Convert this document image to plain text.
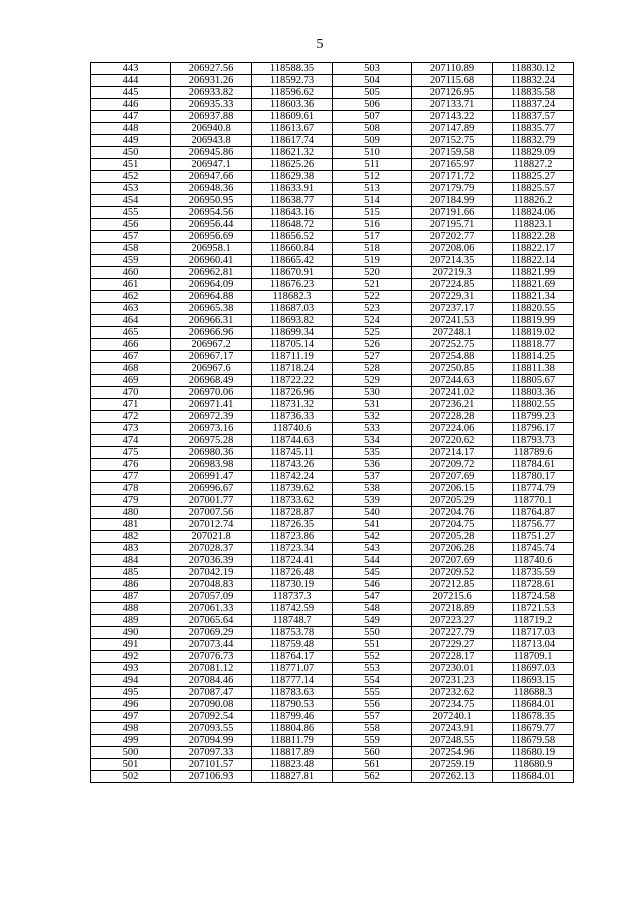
5
443	206927.56	118588.35	503	207110.89	118830.12
444	206931.26	118592.73	504	207115.68	118832.24
445	206933.82	118596.62	505	207126.95	118835.58
446	206935.33	118603.36	506	207133.71	118837.24
447	206937.88	118609.61	507	207143.22	118837.57
448	206940.8	118613.67	508	207147.89	118835.77
449	206943.8	118617.74	509	207152.75	118832.79
450	206945.86	118621.32	510	207159.58	118829.09
451	206947.1	118625.26	511	207165.97	118827.2
452	206947.66	118629.38	512	207171.72	118825.27
453	206948.36	118633.91	513	207179.79	118825.57
454	206950.95	118638.77	514	207184.99	118826.2
455	206954.56	118643.16	515	207191.66	118824.06
456	206956.44	118648.72	516	207195.71	118823.1
457	206956.69	118656.52	517	207202.77	118822.28
458	206958.1	118660.84	518	207208.06	118822.17
459	206960.41	118665.42	519	207214.35	118822.14
460	206962.81	118670.91	520	207219.3	118821.99
461	206964.09	118676.23	521	207224.85	118821.69
462	206964.88	118682.3	522	207229.31	118821.34
463	206965.38	118687.03	523	207237.17	118820.55
464	206966.31	118693.82	524	207241.53	118819.99
465	206966.96	118699.34	525	207248.1	118819.02
466	206967.2	118705.14	526	207252.75	118818.77
467	206967.17	118711.19	527	207254.88	118814.25
468	206967.6	118718.24	528	207250.85	118811.38
469	206968.49	118722.22	529	207244.63	118805.67
470	206970.06	118726.96	530	207241.02	118803.36
471	206971.41	118731.32	531	207236.21	118802.55
472	206972.39	118736.33	532	207228.28	118799.23
473	206973.16	118740.6	533	207224.06	118796.17
474	206975.28	118744.63	534	207220.62	118793.73
475	206980.36	118745.11	535	207214.17	118789.6
476	206983.98	118743.26	536	207209.72	118784.61
477	206991.47	118742.24	537	207207.69	118780.17
478	206996.67	118739.62	538	207206.15	118774.79
479	207001.77	118733.62	539	207205.29	118770.1
480	207007.56	118728.87	540	207204.76	118764.87
481	207012.74	118726.35	541	207204.75	118756.77
482	207021.8	118723.86	542	207205.28	118751.27
483	207028.37	118723.34	543	207206.28	118745.74
484	207036.39	118724.41	544	207207.69	118740.6
485	207042.19	118726.48	545	207209.52	118735.59
486	207048.83	118730.19	546	207212.85	118728.61
487	207057.09	118737.3	547	207215.6	118724.58
488	207061.33	118742.59	548	207218.89	118721.53
489	207065.64	118748.7	549	207223.27	118719.2
490	207069.29	118753.78	550	207227.79	118717.03
491	207073.44	118759.48	551	207229.27	118713.04
492	207076.73	118764.17	552	207228.17	118709.1
493	207081.12	118771.07	553	207230.01	118697.03
494	207084.46	118777.14	554	207231.23	118693.15
495	207087.47	118783.63	555	207232.62	118688.3
496	207090.08	118790.53	556	207234.75	118684.01
497	207092.54	118799.46	557	207240.1	118678.35
498	207093.55	118804.86	558	207243.91	118679.77
499	207094.99	118811.79	559	207248.55	118679.58
500	207097.33	118817.89	560	207254.96	118680.19
501	207101.57	118823.48	561	207259.19	118680.9
502	207106.93	118827.81	562	207262.13	118684.01
